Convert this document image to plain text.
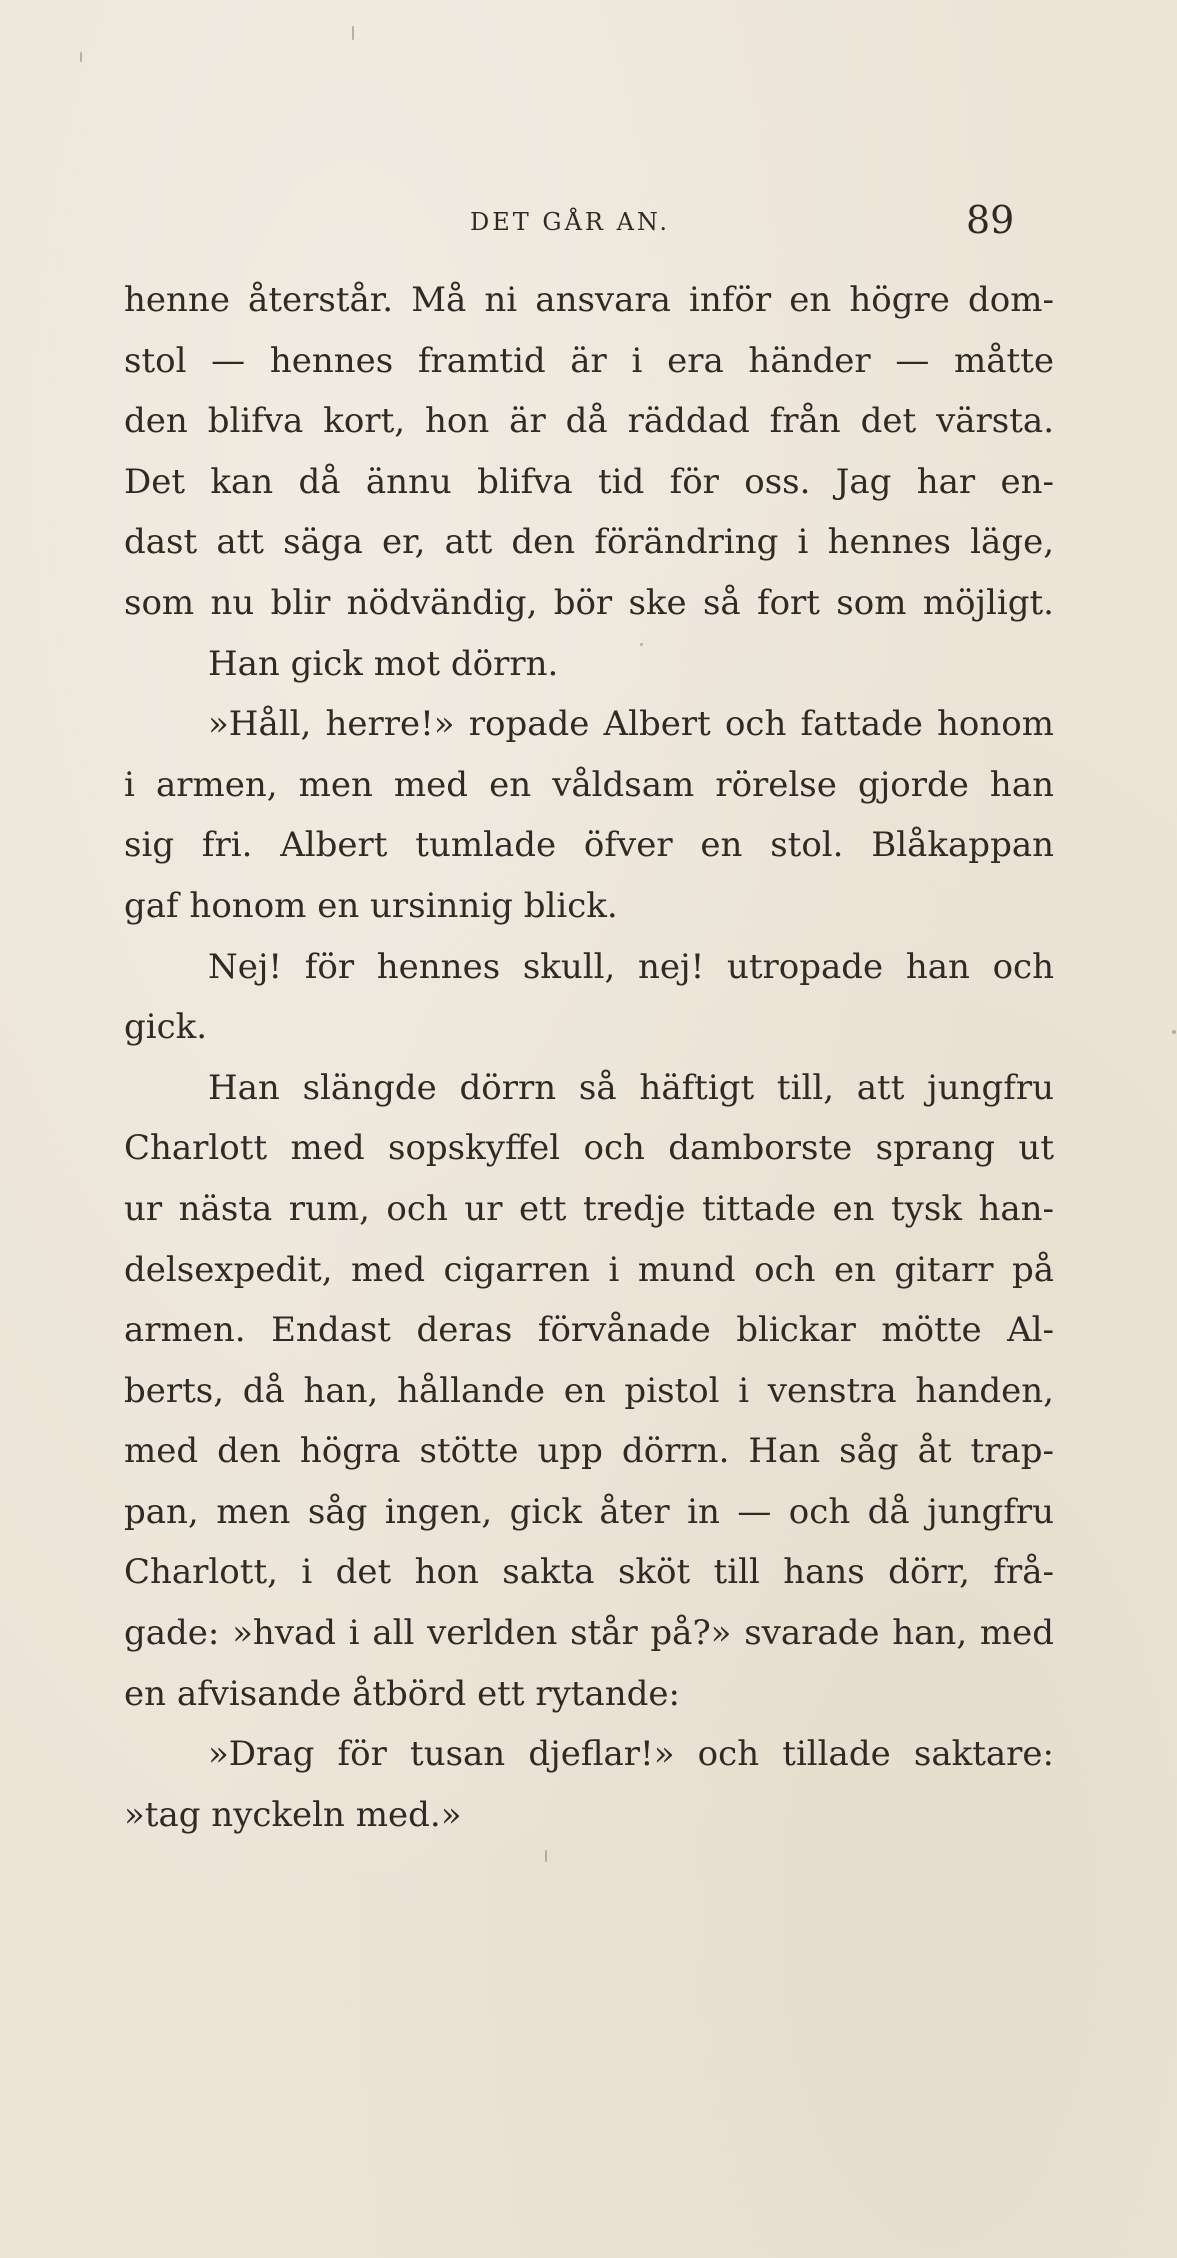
DET GÅR AN.	89
henne återstår. Må ni ansvara inför en högre dom-
stol — hennes framtid är i era händer — måtte
den blifva kort, hon är då räddad från det värsta.
Det kan då ännu blifva tid för oss. Jag har en-
dast att säga er, att den förändring i hennes läge,
som nu blir nödvändig, bör ske så fort som möjligt.
Han gick mot dörrn.
»Håll, herre!» ropade Albert och fattade honom
i armen, men med en våldsam rörelse gjorde han
sig fri. Albert tumlade öfver en stol. Blåkappan
gaf honom en ursinnig blick.
Nej! för hennes skull, nej! utropade han och
gick.
Han slängde dörrn så häftigt till, att jungfru
Charlott med sopskyffel och damborste sprang ut
ur nästa rum, och ur ett tredje tittade en tysk han-
delsexpedit, med cigarren i mund och en gitarr på
armen. Endast deras förvånade blickar mötte Al-
berts, då han, hållande en pistol i venstra handen,
med den högra stötte upp dörrn. Han såg åt trap-
pan, men såg ingen, gick åter in — och då jungfru
Charlott, i det hon sakta sköt till hans dörr, frå-
gade: »hvad i all verlden står på?» svarade han, med
en afvisande åtbörd ett rytande:
»Drag för tusan djeflar!» och tillade saktare:
»tag nyckeln med.»
